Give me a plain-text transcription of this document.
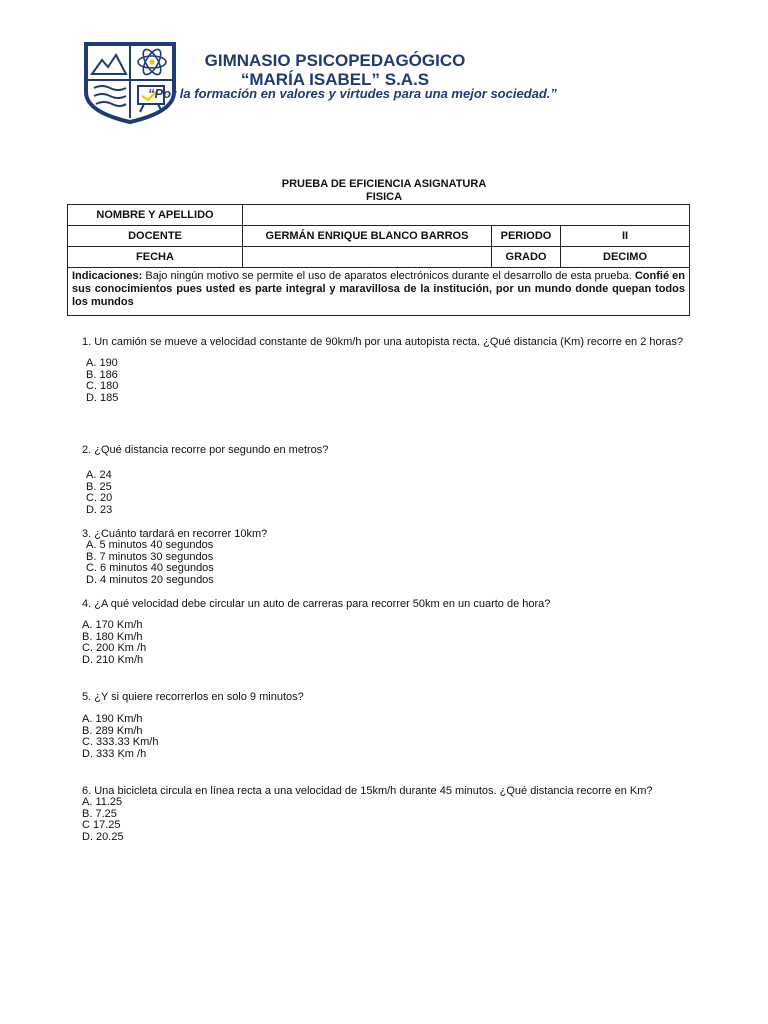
GIMNASIO PSICOPEDAGÓGICO
“MARÍA ISABEL” S.A.S
“Por la formación en valores y virtudes para una mejor sociedad.”
PRUEBA DE EFICIENCIA ASIGNATURA
FISICA
NOMBRE Y APELLIDO			
DOCENTE	GERMÁN ENRIQUE BLANCO BARROS	PERIODO	II
FECHA		GRADO	DECIMO
Indicaciones: Bajo ningún motivo se permite el uso de aparatos electrónicos durante el desarrollo de esta prueba. Confié en sus conocimientos pues usted es parte integral y maravillosa de la institución, por un mundo donde quepan todos los mundos			
1. Un camión se mueve a velocidad constante de 90km/h por una autopista recta. ¿Qué distancia (Km) recorre en 2 horas?
A. 190
B. 186
C. 180
D. 185
2. ¿Qué distancia recorre por segundo en metros?
A. 24
B. 25
C. 20
D. 23
3. ¿Cuánto tardará en recorrer 10km?
A. 5 minutos 40 segundos
B. 7 minutos 30 segundos
C. 6 minutos 40 segundos
D. 4 minutos 20 segundos
4. ¿A qué velocidad debe circular un auto de carreras para recorrer 50km en un cuarto de hora?
A. 170 Km/h
B. 180 Km/h
C. 200 Km /h
D. 210 Km/h
5. ¿Y si quiere recorrerlos en solo 9 minutos?
A. 190 Km/h
B. 289 Km/h
C. 333.33 Km/h
D. 333 Km /h
6. Una bicicleta circula en línea recta a una velocidad de 15km/h durante 45 minutos. ¿Qué distancia recorre en Km?
A. 11.25
B. 7.25
C 17.25
D. 20.25
